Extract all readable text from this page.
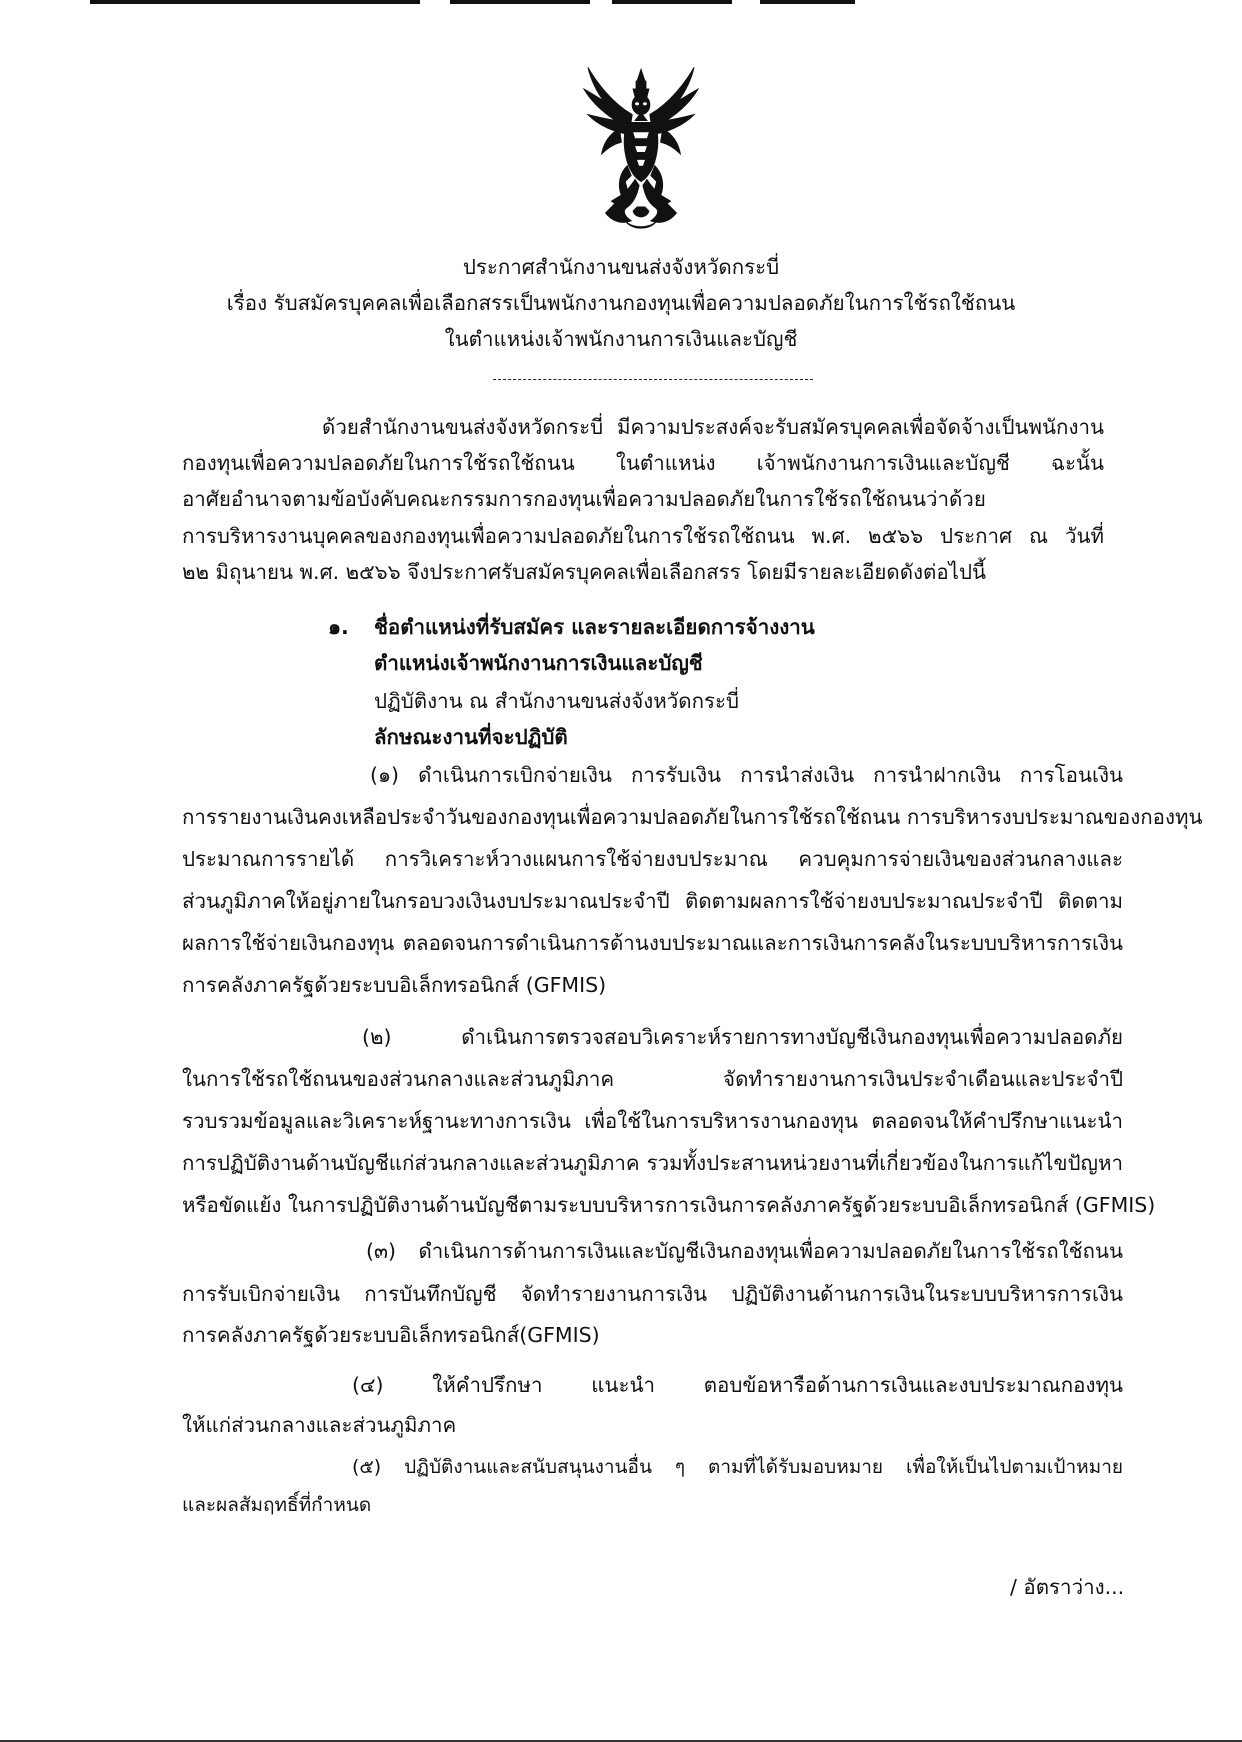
ประกาศสำนักงานขนส่งจังหวัดกระบี่

เรื่อง รับสมัครบุคคลเพื่อเลือกสรรเป็นพนักงานกองทุนเพื่อความปลอดภัยในการใช้รถใช้ถนน

ในตำแหน่งเจ้าพนักงานการเงินและบัญชี

---------------------------------------------

ด้วยสำนักงานขนส่งจังหวัดกระบี่ มีความประสงค์จะรับสมัครบุคคลเพื่อจัดจ้างเป็นพนักงาน

กองทุนเพื่อความปลอดภัยในการใช้รถใช้ถนน ในตำแหน่ง เจ้าพนักงานการเงินและบัญชี ฉะนั้น

อาศัยอำนาจตามข้อบังคับคณะกรรมการกองทุนเพื่อความปลอดภัยในการใช้รถใช้ถนนว่าด้วย

การบริหารงานบุคคลของกองทุนเพื่อความปลอดภัยในการใช้รถใช้ถนน พ.ศ. ๒๕๖๖ ประกาศ ณ วันที่

๒๒ มิถุนายน พ.ศ. ๒๕๖๖ จึงประกาศรับสมัครบุคคลเพื่อเลือกสรร โดยมีรายละเอียดดังต่อไปนี้

๑. ชื่อตำแหน่งที่รับสมัคร และรายละเอียดการจ้างงาน

ตำแหน่งเจ้าพนักงานการเงินและบัญชี

ปฏิบัติงาน ณ สำนักงานขนส่งจังหวัดกระบี่

ลักษณะงานที่จะปฏิบัติ

(๑) ดำเนินการเบิกจ่ายเงิน การรับเงิน การนำส่งเงิน การนำฝากเงิน การโอนเงิน

การรายงานเงินคงเหลือประจำวันของกองทุนเพื่อความปลอดภัยในการใช้รถใช้ถนน การบริหารงบประมาณของกองทุน

ประมาณการรายได้ การวิเคราะห์วางแผนการใช้จ่ายงบประมาณ ควบคุมการจ่ายเงินของส่วนกลางและ

ส่วนภูมิภาคให้อยู่ภายในกรอบวงเงินงบประมาณประจำปี ติดตามผลการใช้จ่ายงบประมาณประจำปี ติดตาม

ผลการใช้จ่ายเงินกองทุน ตลอดจนการดำเนินการด้านงบประมาณและการเงินการคลังในระบบบริหารการเงิน

การคลังภาครัฐด้วยระบบอิเล็กทรอนิกส์ (GFMIS)

(๒) ดำเนินการตรวจสอบวิเคราะห์รายการทางบัญชีเงินกองทุนเพื่อความปลอดภัย

ในการใช้รถใช้ถนนของส่วนกลางและส่วนภูมิภาค จัดทำรายงานการเงินประจำเดือนและประจำปี

รวบรวมข้อมูลและวิเคราะห์ฐานะทางการเงิน เพื่อใช้ในการบริหารงานกองทุน ตลอดจนให้คำปรึกษาแนะนำ

การปฏิบัติงานด้านบัญชีแก่ส่วนกลางและส่วนภูมิภาค รวมทั้งประสานหน่วยงานที่เกี่ยวข้องในการแก้ไขปัญหา

หรือขัดแย้ง ในการปฏิบัติงานด้านบัญชีตามระบบบริหารการเงินการคลังภาครัฐด้วยระบบอิเล็กทรอนิกส์ (GFMIS)

(๓) ดำเนินการด้านการเงินและบัญชีเงินกองทุนเพื่อความปลอดภัยในการใช้รถใช้ถนน

การรับเบิกจ่ายเงิน การบันทึกบัญชี จัดทำรายงานการเงิน ปฏิบัติงานด้านการเงินในระบบบริหารการเงิน

การคลังภาครัฐด้วยระบบอิเล็กทรอนิกส์(GFMIS)

(๔) ให้คำปรึกษา แนะนำ ตอบข้อหารือด้านการเงินและงบประมาณกองทุน

ให้แก่ส่วนกลางและส่วนภูมิภาค

(๕) ปฏิบัติงานและสนับสนุนงานอื่น ๆ ตามที่ได้รับมอบหมาย เพื่อให้เป็นไปตามเป้าหมาย

และผลสัมฤทธิ์ที่กำหนด

/ อัตราว่าง...
